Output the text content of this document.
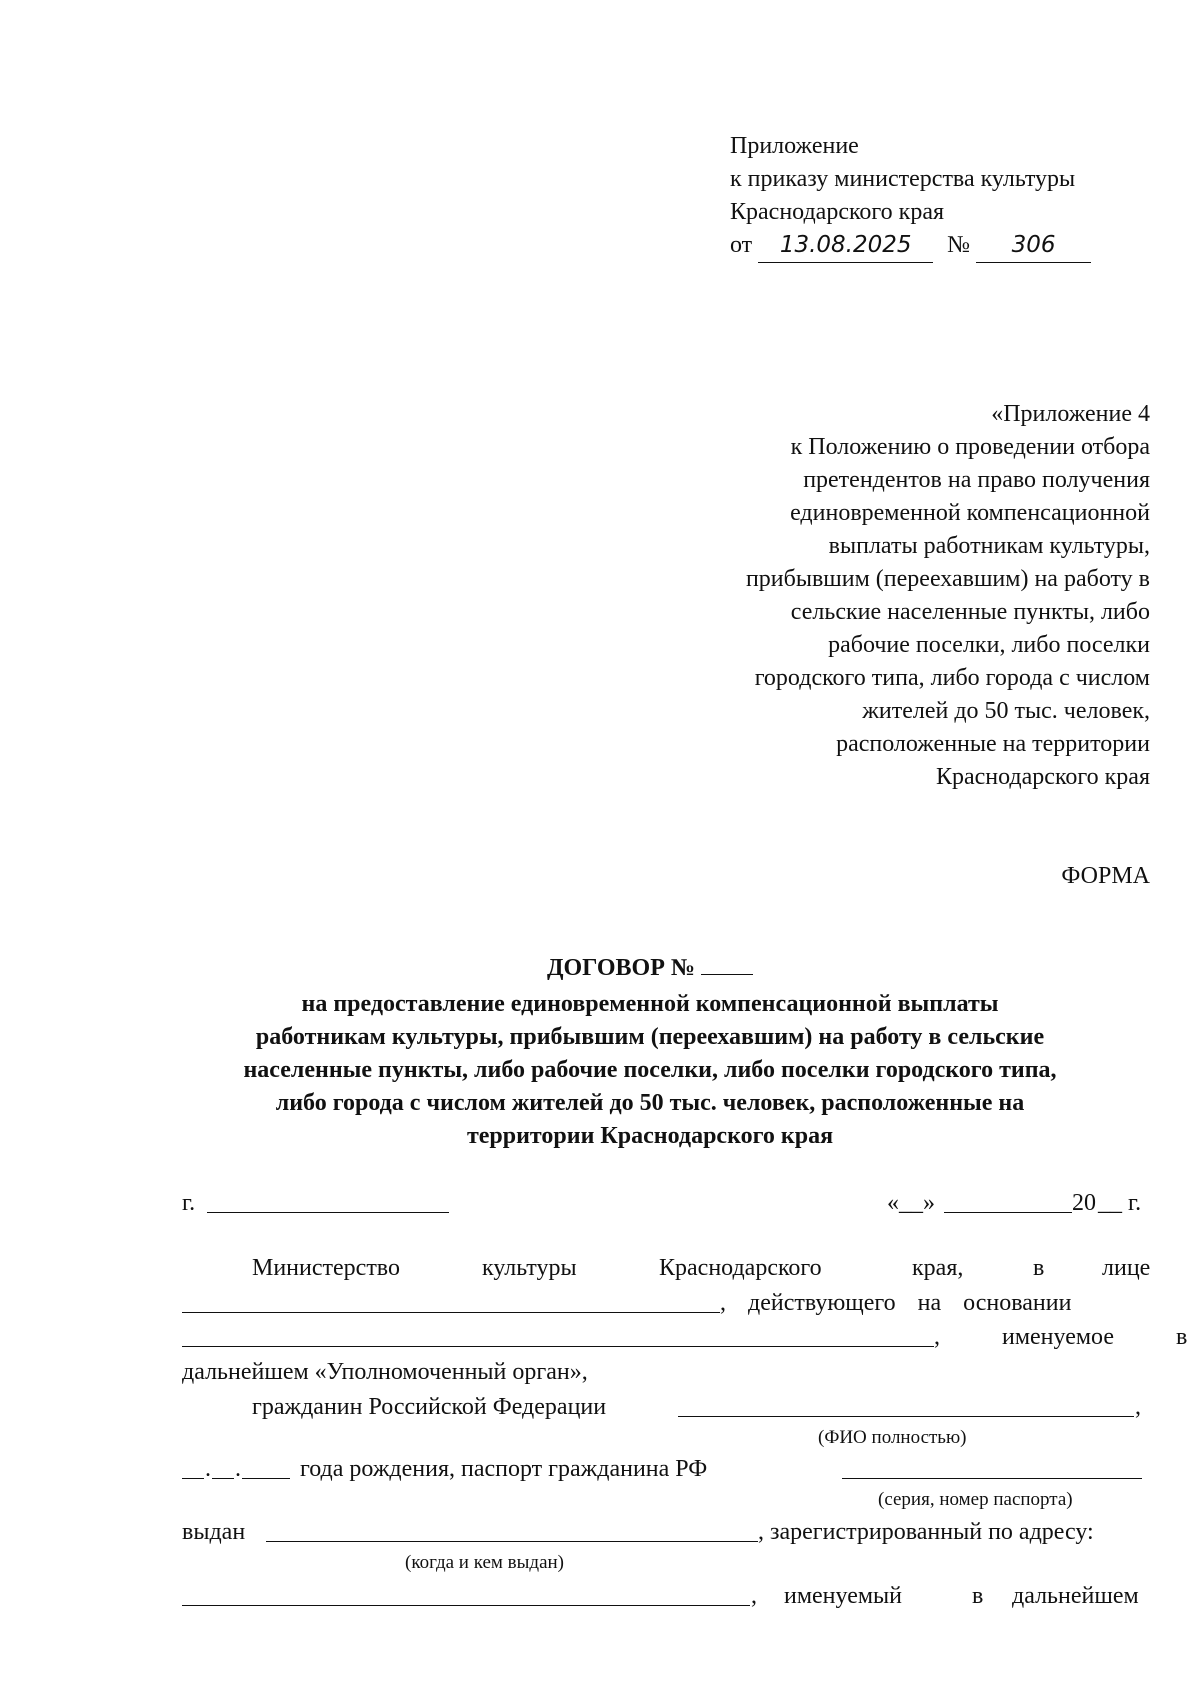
Приложение
к приказу министерства культуры
Краснодарского края
от 13.08.2025 № 306
«Приложение 4
к Положению о проведении отбора
претендентов на право получения
единовременной компенсационной
выплаты работникам культуры,
прибывшим (переехавшим) на работу в
сельские населенные пункты, либо
рабочие поселки, либо поселки
городского типа, либо города с числом
жителей до 50 тыс. человек,
расположенные на территории
Краснодарского края
ФОРМА
ДОГОВОР №
на предоставление единовременной компенсационной выплаты
работникам культуры, прибывшим (переехавшим) на работу в сельские
населенные пункты, либо рабочие поселки, либо поселки городского типа,
либо города с числом жителей до 50 тыс. человек, расположенные на
территории Краснодарского края
г.	«__»	20 __ г.
Министерство	культуры	Краснодарского	края,	в лице
, действующего на основании
, именуемое в
дальнейшем «Уполномоченный орган»,
гражданин Российской Федерации	,
(ФИО полностью)
. . года рождения, паспорт гражданина РФ
(серия, номер паспорта)
выдан	, зарегистрированный по адресу:
(когда и кем выдан)
, именуемый	в дальнейшем
